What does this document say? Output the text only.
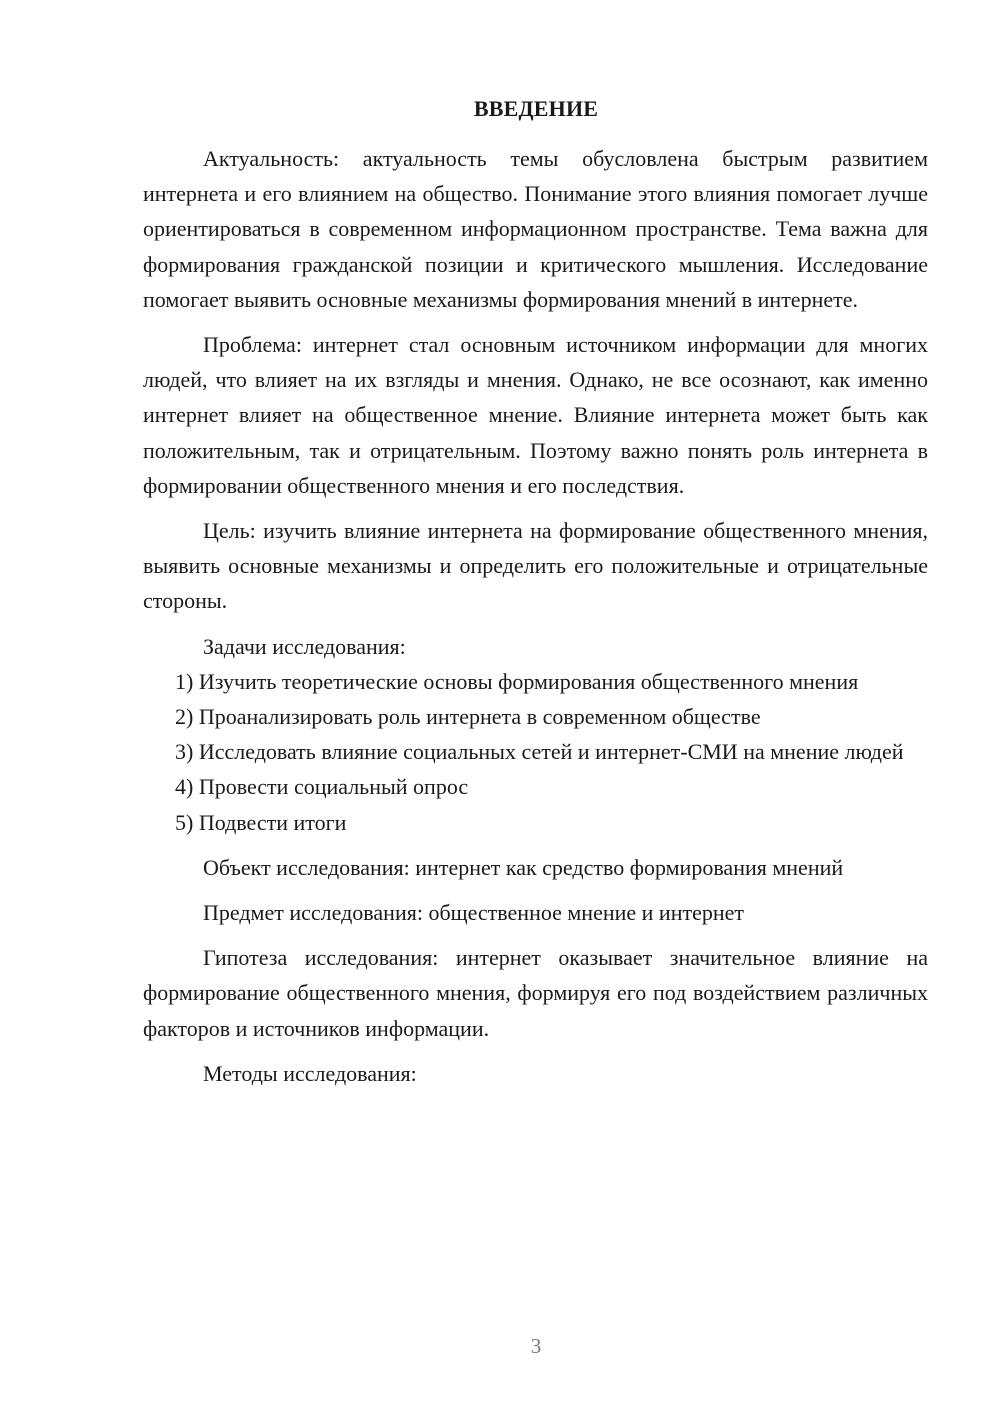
ВВЕДЕНИЕ

Актуальность: актуальность темы обусловлена быстрым развитием интернета и его влиянием на общество. Понимание этого влияния помогает лучше ориентироваться в современном информационном пространстве. Тема важна для формирования гражданской позиции и критического мышления. Исследование помогает выявить основные механизмы формирования мнений в интернете.

Проблема: интернет стал основным источником информации для многих людей, что влияет на их взгляды и мнения. Однако, не все осознают, как именно интернет влияет на общественное мнение. Влияние интернета может быть как положительным, так и отрицательным. Поэтому важно понять роль интернета в формировании общественного мнения и его последствия.

Цель: изучить влияние интернета на формирование общественного мнения, выявить основные механизмы и определить его положительные и отрицательные стороны.

Задачи исследования:

1) Изучить теоретические основы формирования общественного мнения

2) Проанализировать роль интернета в современном обществе

3) Исследовать влияние социальных сетей и интернет-СМИ на мнение людей

4) Провести социальный опрос

5) Подвести итоги

Объект исследования: интернет как средство формирования мнений

Предмет исследования: общественное мнение и интернет

Гипотеза исследования: интернет оказывает значительное влияние на формирование общественного мнения, формируя его под воздействием различных факторов и источников информации.

Методы исследования:

3
